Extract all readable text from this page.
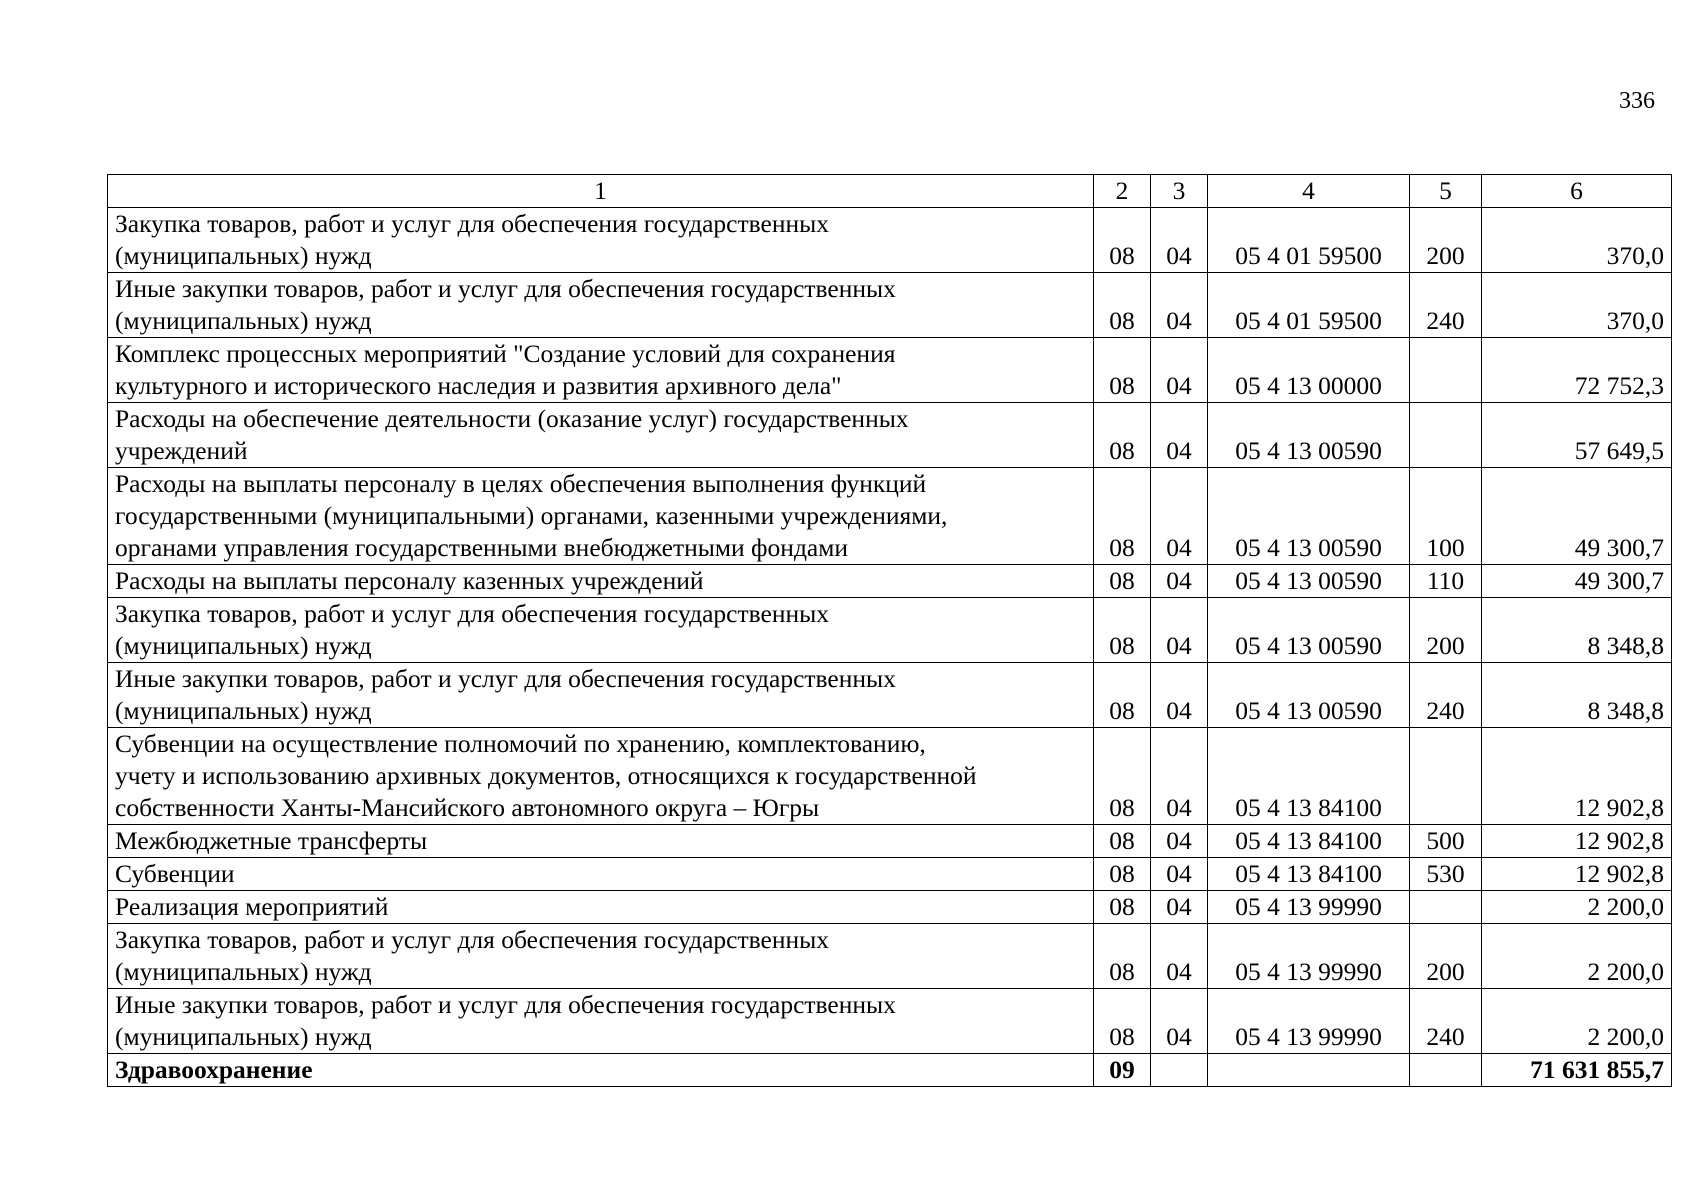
336
1	2	3	4	5	6

Закупка товаров, работ и услуг для обеспечения государственных
(муниципальных) нужд	08	04	05 4 01 59500	200	370,0

Иные закупки товаров, работ и услуг для обеспечения государственных
(муниципальных) нужд	08	04	05 4 01 59500	240	370,0

Комплекс процессных мероприятий "Создание условий для сохранения
культурного и исторического наследия и развития архивного дела"	08	04	05 4 13 00000		72 752,3

Расходы на обеспечение деятельности (оказание услуг) государственных
учреждений	08	04	05 4 13 00590		57 649,5

Расходы на выплаты персоналу в целях обеспечения выполнения функций
государственными (муниципальными) органами, казенными учреждениями,
органами управления государственными внебюджетными фондами	08	04	05 4 13 00590	100	49 300,7

Расходы на выплаты персоналу казенных учреждений	08	04	05 4 13 00590	110	49 300,7

Закупка товаров, работ и услуг для обеспечения государственных
(муниципальных) нужд	08	04	05 4 13 00590	200	8 348,8

Иные закупки товаров, работ и услуг для обеспечения государственных
(муниципальных) нужд	08	04	05 4 13 00590	240	8 348,8

Субвенции на осуществление полномочий по хранению, комплектованию,
учету и использованию архивных документов, относящихся к государственной
собственности Ханты-Мансийского автономного округа – Югры	08	04	05 4 13 84100		12 902,8

Межбюджетные трансферты	08	04	05 4 13 84100	500	12 902,8

Субвенции	08	04	05 4 13 84100	530	12 902,8

Реализация мероприятий	08	04	05 4 13 99990		2 200,0

Закупка товаров, работ и услуг для обеспечения государственных
(муниципальных) нужд	08	04	05 4 13 99990	200	2 200,0

Иные закупки товаров, работ и услуг для обеспечения государственных
(муниципальных) нужд	08	04	05 4 13 99990	240	2 200,0
Здравоохранение	09				71 631 855,7
